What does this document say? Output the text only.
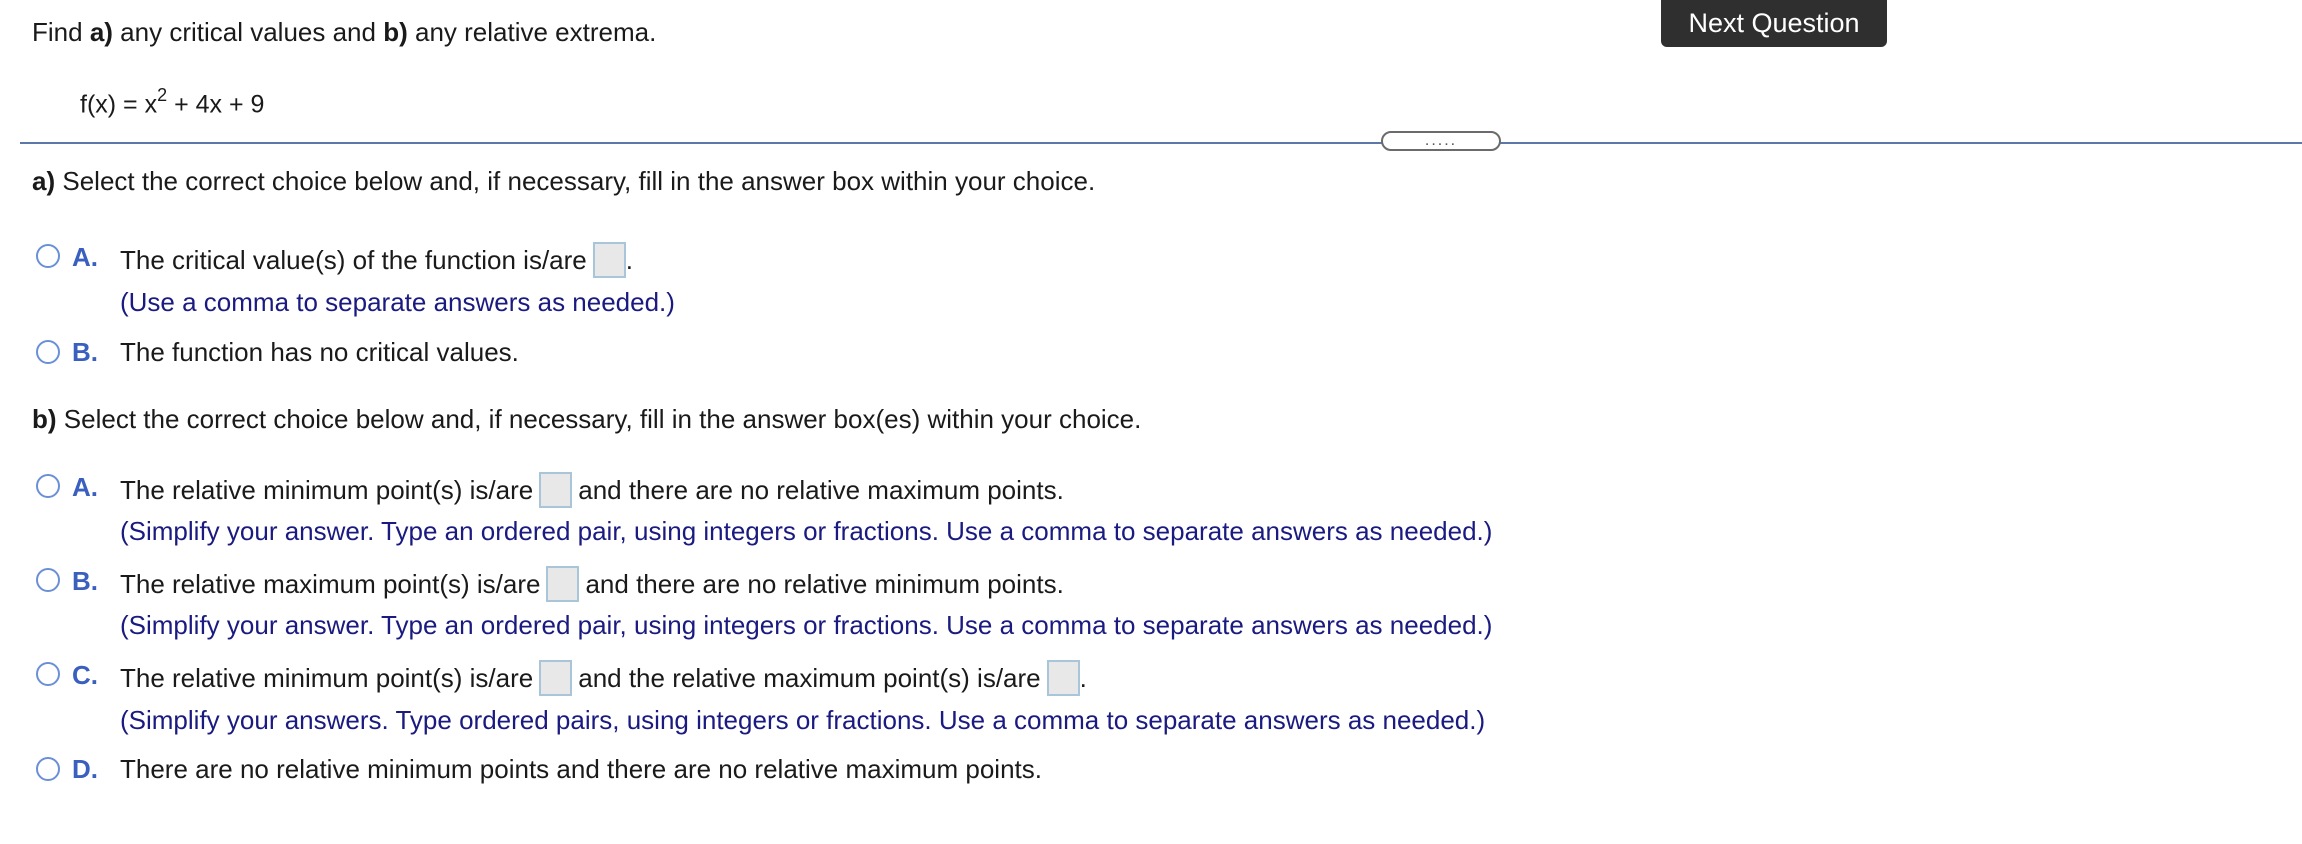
Next Question
Find a) any critical values and b) any relative extrema.
$f(x) = x^2 + 4x + 9$
.....
a) Select the correct choice below and, if necessary, fill in the answer box within your choice.
A. The critical value(s) of the function is/are .
(Use a comma to separate answers as needed.)
B. The function has no critical values.
b) Select the correct choice below and, if necessary, fill in the answer box(es) within your choice.
A. The relative minimum point(s) is/are and there are no relative maximum points.
(Simplify your answer. Type an ordered pair, using integers or fractions. Use a comma to separate answers as needed.)
B. The relative maximum point(s) is/are and there are no relative minimum points.
(Simplify your answer. Type an ordered pair, using integers or fractions. Use a comma to separate answers as needed.)
C. The relative minimum point(s) is/are and the relative maximum point(s) is/are .
(Simplify your answers. Type ordered pairs, using integers or fractions. Use a comma to separate answers as needed.)
D. There are no relative minimum points and there are no relative maximum points.
